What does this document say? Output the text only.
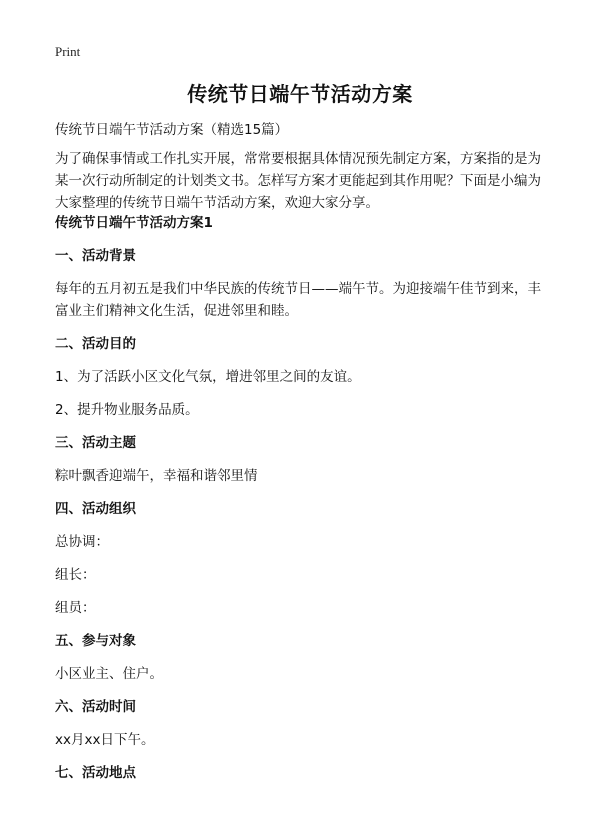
Print
传统节日端午节活动方案
传统节日端午节活动方案（精选15篇）
为了确保事情或工作扎实开展，常常要根据具体情况预先制定方案，方案指的是为某一次行动所制定的计划类文书。怎样写方案才更能起到其作用呢？下面是小编为大家整理的传统节日端午节活动方案，欢迎大家分享。

传统节日端午节活动方案1

一、活动背景

每年的五月初五是我们中华民族的传统节日——端午节。为迎接端午佳节到来，丰富业主们精神文化生活，促进邻里和睦。

二、活动目的

1、为了活跃小区文化气氛，增进邻里之间的友谊。

2、提升物业服务品质。

三、活动主题

粽叶飘香迎端午，幸福和谐邻里情

四、活动组织

总协调：

组长：

组员：

五、参与对象

小区业主、住户。

六、活动时间

xx月xx日下午。

七、活动地点
